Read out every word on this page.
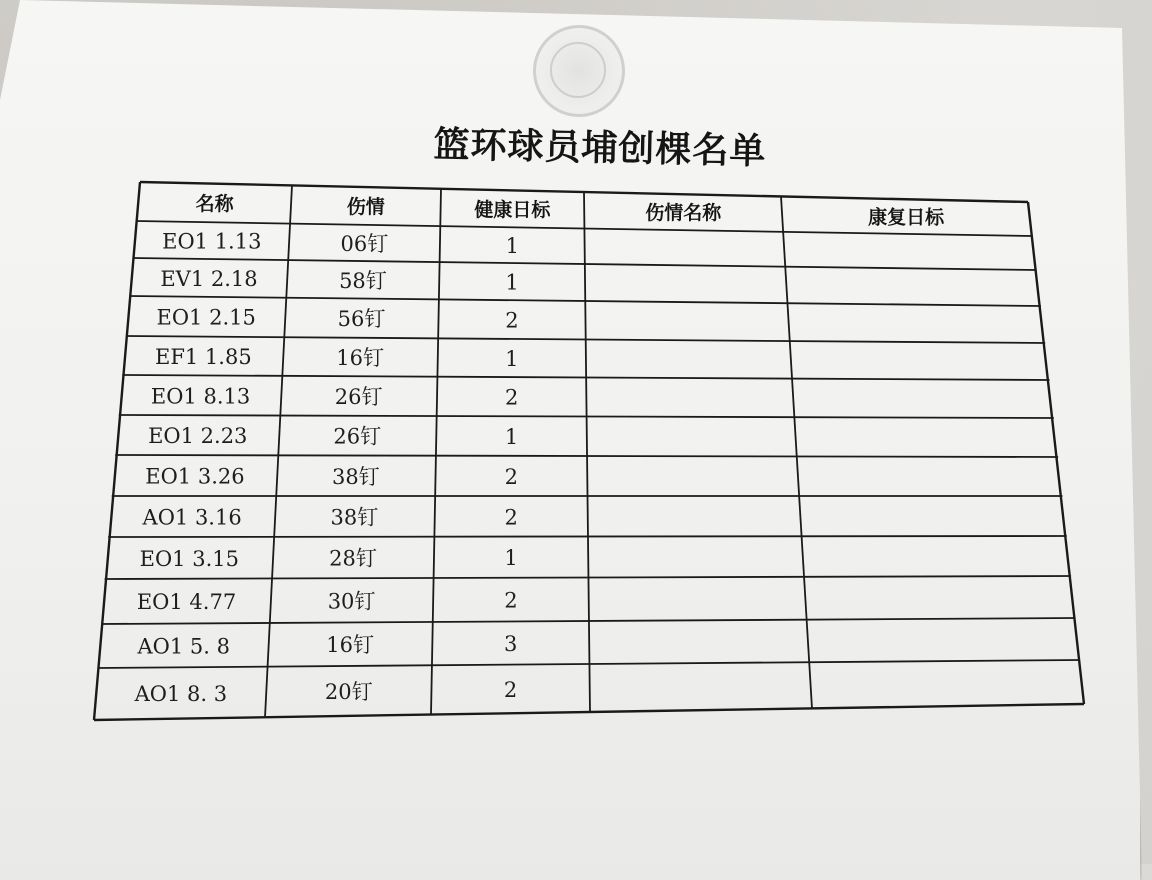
篮环球员埔创棵名单
名称	伤情	健康日标	伤情名称	康复日标
EO1 1.13	06钉	1
EV1 2.18	58钉	1
EO1 2.15	56钉	2
EF1 1.85	16钉	1
EO1 8.13	26钉	2
EO1 2.23	26钉	1
EO1 3.26	38钉	2
AO1 3.16	38钉	2
EO1 3.15	28钉	1
EO1 4.77	30钉	2
AO1 5. 8	16钉	3
AO1 8. 3	20钉	2
